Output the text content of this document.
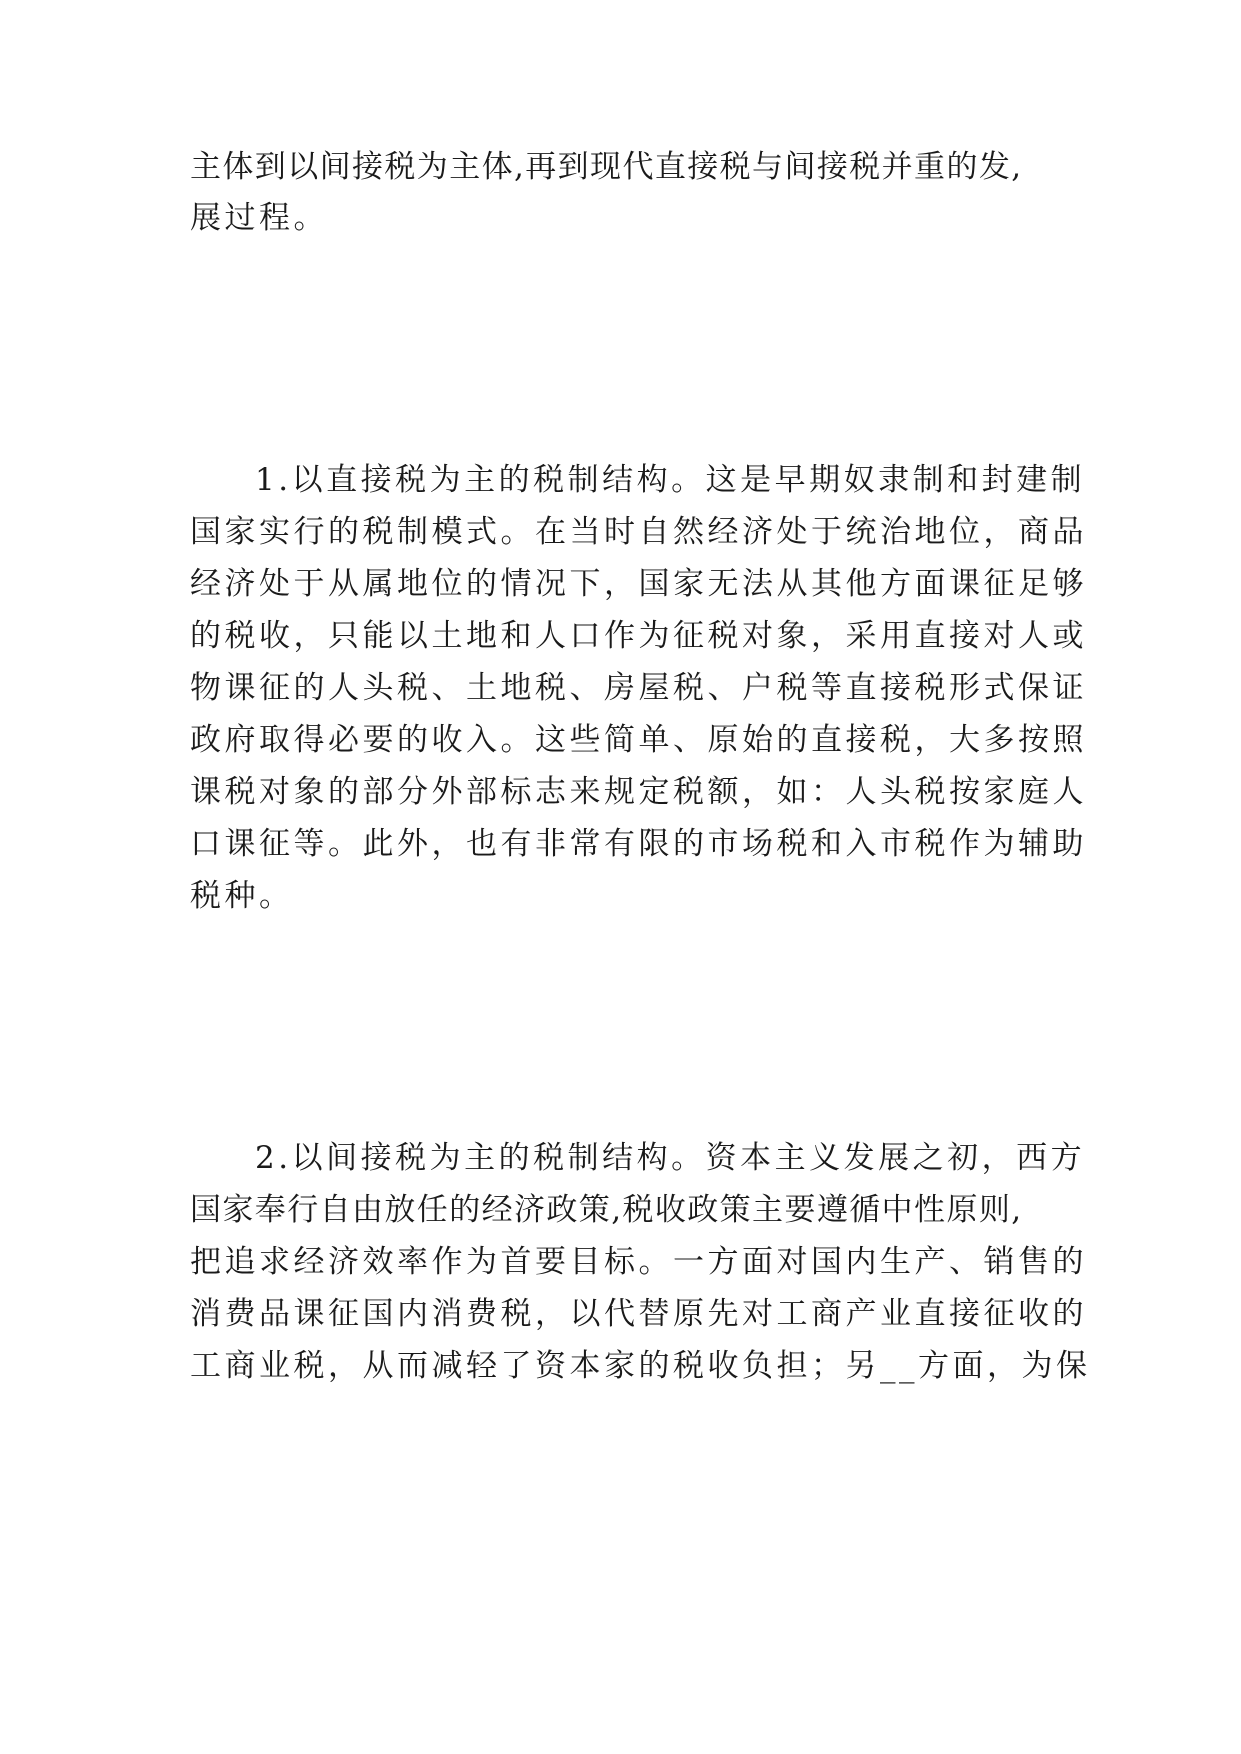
主体到以间接税为主体,再到现代直接税与间接税并重的发,
展过程。
1.以直接税为主的税制结构。这是早期奴隶制和封建制
国家实行的税制模式。在当时自然经济处于统治地位，商品
经济处于从属地位的情况下，国家无法从其他方面课征足够
的税收，只能以土地和人口作为征税对象，采用直接对人或
物课征的人头税、土地税、房屋税、户税等直接税形式保证
政府取得必要的收入。这些简单、原始的直接税，大多按照
课税对象的部分外部标志来规定税额，如：人头税按家庭人
口课征等。此外，也有非常有限的市场税和入市税作为辅助
税种。
2.以间接税为主的税制结构。资本主义发展之初，西方
国家奉行自由放任的经济政策,税收政策主要遵循中性原则,
把追求经济效率作为首要目标。一方面对国内生产、销售的
消费品课征国内消费税，以代替原先对工商产业直接征收的
工商业税，从而减轻了资本家的税收负担；另__方面，为保
